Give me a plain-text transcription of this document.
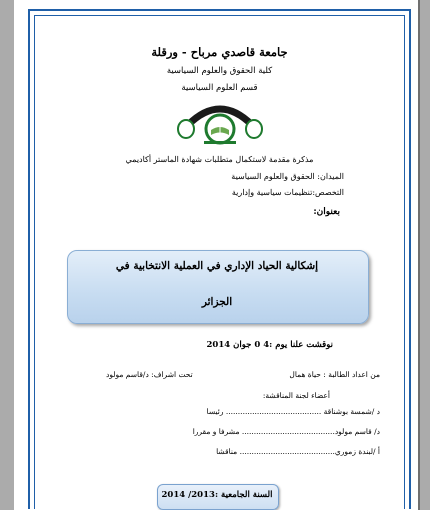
جامعة قاصدي مرباح - ورقلة
كلية الحقوق والعلوم السياسية
قسم العلوم السياسية
مذكرة مقدمة لاستكمال متطلبات شهادة الماستر أكاديمي
الميدان: الحقوق والعلوم السياسية
التخصص:تنظيمات سياسية وإدارية
بعنوان:
إشكالية الحياد الإداري في العملية الانتخابية في
الجزائر
نوقشت علنا يوم :4 0 جوان 2014
من اعداد الطالبة : حياة همال
تحت اشراف: د/قاسم مولود
أعضاء لجنة المناقشة:
د /شمسة بوشناقة ........................................ رئيسا
د/ قاسم مولود....................................... مشرفا و مقررا
أ /لبندة زموري........................................ مناقشا
السنة الجامعية :2013/ 2014
